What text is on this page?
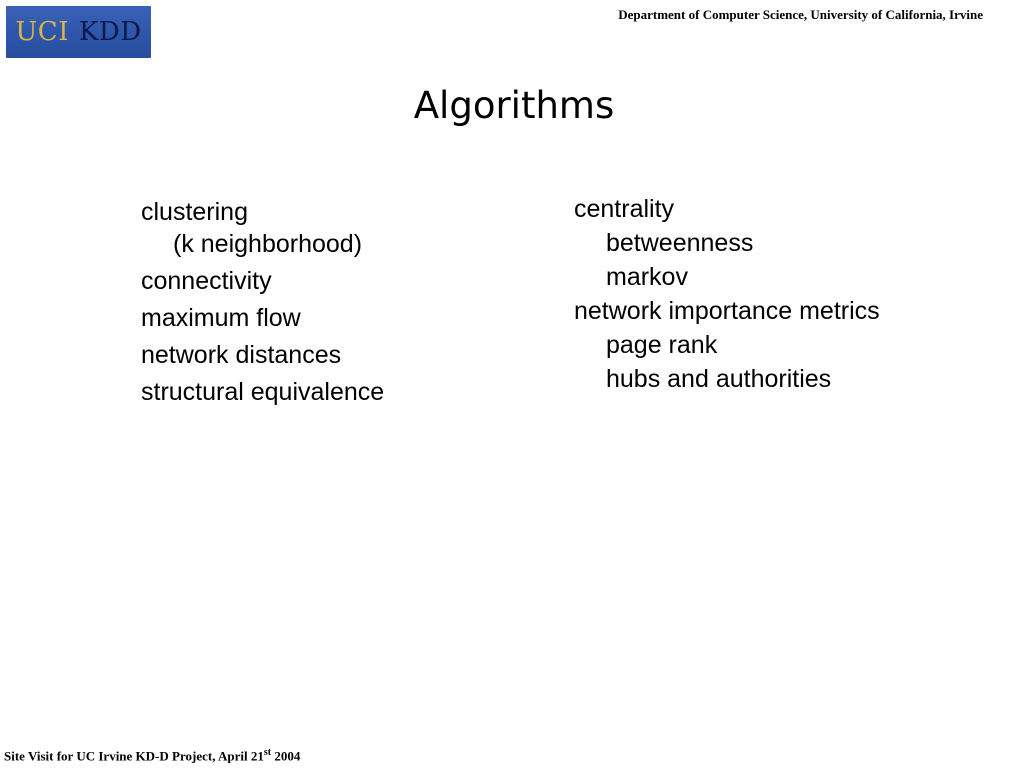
UCI KDD
Department of Computer Science, University of California, Irvine
Algorithms
clustering
(k neighborhood)
connectivity
maximum flow
network distances
structural equivalence
centrality
betweenness
markov
network importance metrics
page rank
hubs and authorities
Site Visit for UC Irvine KD-D Project, April 21st 2004
